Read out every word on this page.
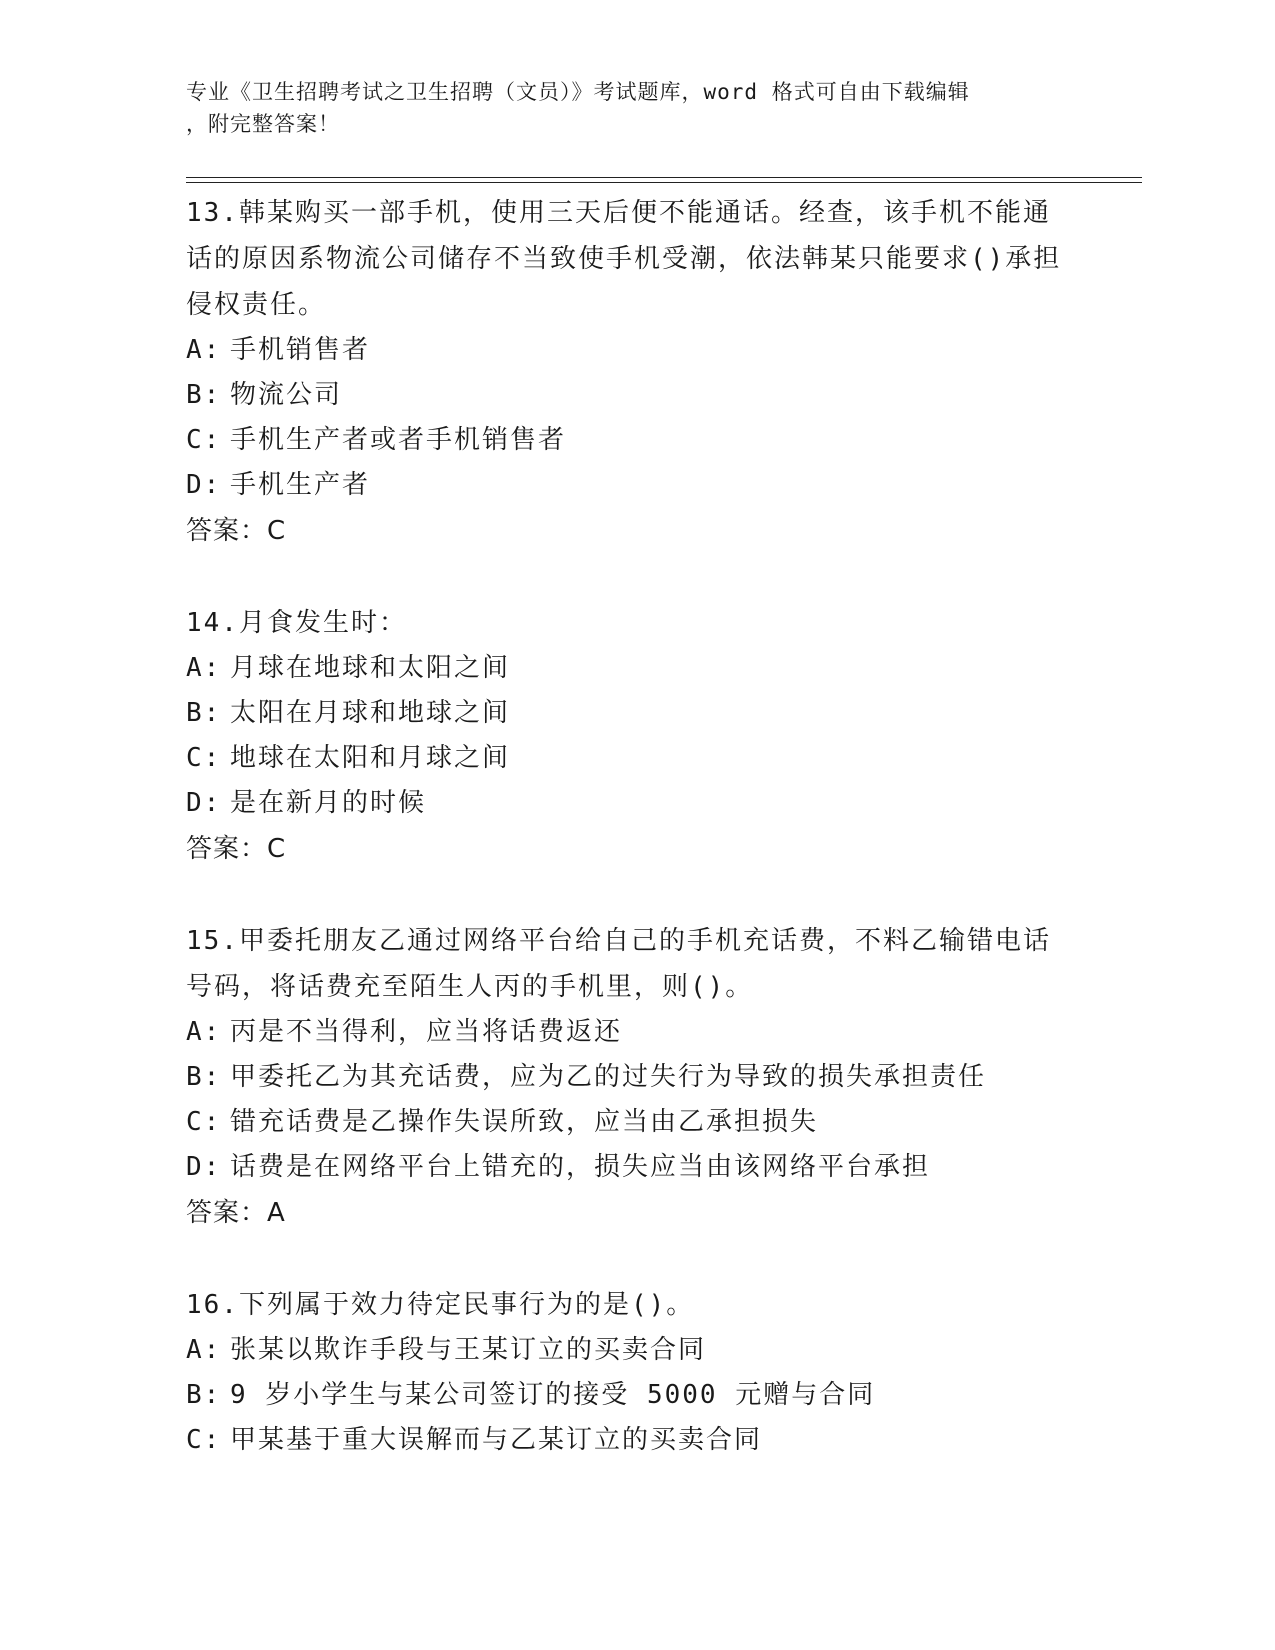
专业《卫生招聘考试之卫生招聘（文员）》考试题库，word 格式可自由下载编辑
，附完整答案！
13.韩某购买一部手机，使用三天后便不能通话。经查，该手机不能通话的原因系物流公司储存不当致使手机受潮，依法韩某只能要求()承担侵权责任。
A: 手机销售者
B: 物流公司
C: 手机生产者或者手机销售者
D: 手机生产者
答案：C
14.月食发生时：
A: 月球在地球和太阳之间
B: 太阳在月球和地球之间
C: 地球在太阳和月球之间
D: 是在新月的时候
答案：C
15.甲委托朋友乙通过网络平台给自己的手机充话费，不料乙输错电话号码，将话费充至陌生人丙的手机里，则()。
A: 丙是不当得利，应当将话费返还
B: 甲委托乙为其充话费，应为乙的过失行为导致的损失承担责任
C: 错充话费是乙操作失误所致，应当由乙承担损失
D: 话费是在网络平台上错充的，损失应当由该网络平台承担
答案：A
16.下列属于效力待定民事行为的是()。
A: 张某以欺诈手段与王某订立的买卖合同
B: 9 岁小学生与某公司签订的接受 5000 元赠与合同
C: 甲某基于重大误解而与乙某订立的买卖合同
